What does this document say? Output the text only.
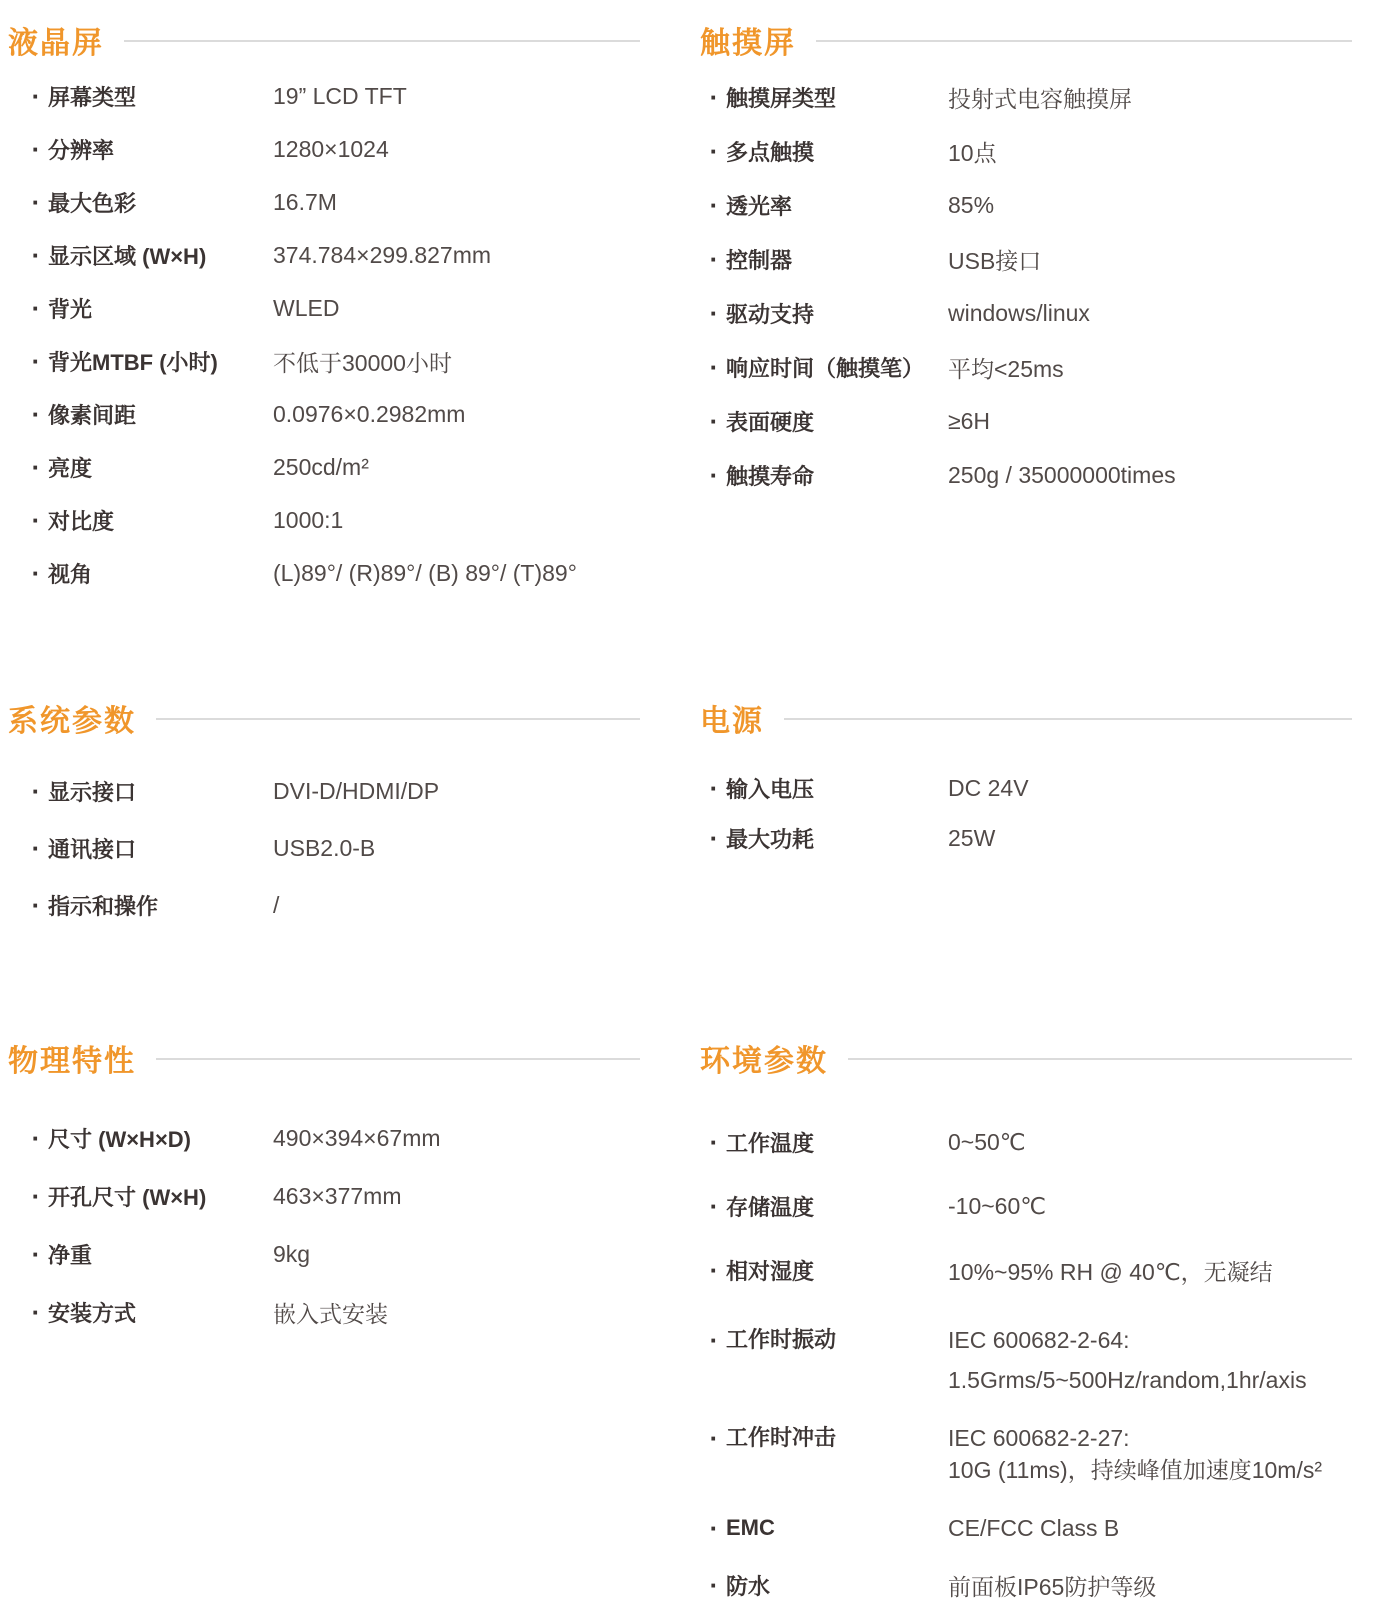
液晶屏
· 屏幕类型	19” LCD TFT
· 分辨率	1280×1024
· 最大色彩	16.7M
· 显示区域 (W×H)	374.784×299.827mm
· 背光	WLED
· 背光MTBF (小时)	不低于30000小时
· 像素间距	0.0976×0.2982mm
· 亮度	250cd/m²
· 对比度	1000:1
· 视角	(L)89°/ (R)89°/ (B) 89°/ (T)89°
触摸屏
· 触摸屏类型	投射式电容触摸屏
· 多点触摸	10点
· 透光率	85%
· 控制器	USB接口
· 驱动支持	windows/linux
· 响应时间（触摸笔）	平均<25ms
· 表面硬度	≥6H
· 触摸寿命	250g / 35000000times
系统参数
· 显示接口	DVI-D/HDMI/DP
· 通讯接口	USB2.0-B
· 指示和操作	/
电源
· 输入电压	DC 24V
· 最大功耗	25W
物理特性
· 尺寸 (W×H×D)	490×394×67mm
· 开孔尺寸 (W×H)	463×377mm
· 净重	9kg
· 安装方式	嵌入式安装
环境参数
· 工作温度	0~50℃
· 存储温度	-10~60℃
· 相对湿度	10%~95% RH @ 40℃，无凝结
· 工作时振动	IEC 600682-2-64:
1.5Grms/5~500Hz/random,1hr/axis
· 工作时冲击	IEC 600682-2-27:
10G (11ms)，持续峰值加速度10m/s²
· EMC	CE/FCC Class B
· 防水	前面板IP65防护等级
